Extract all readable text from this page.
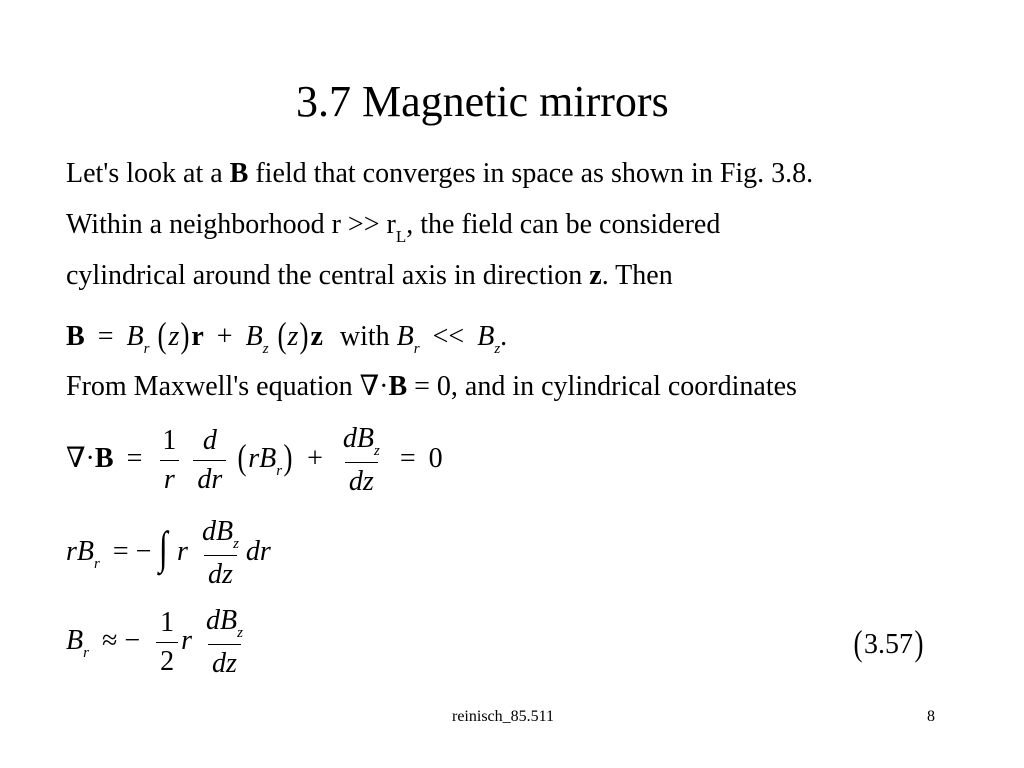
3.7 Magnetic mirrors
Let's look at a B field that converges in space as shown in Fig. 3.8.
Within a neighborhood $r >> r_L$, the field can be considered
cylindrical around the central axis in direction z. Then
$B = B_r$ $(z)r + B_z$ (z)z with $B_r << B_z$.
From Maxwell's equation ∇·B = 0, and in cylindrical coordinates
$\nabla\cdot B = \frac{1}{r}$
$\frac{d}{dr} (rB_r) + \frac{dB_z}{dz} = 0$
$rB_r$ = − ∫ r $\frac{dB_z}{dz}$ dr
$B_r$ ≈ − $\frac{1}{2}$ r $\frac{dB_z}{dz}$	(3.57)
reinisch_85.511	8
